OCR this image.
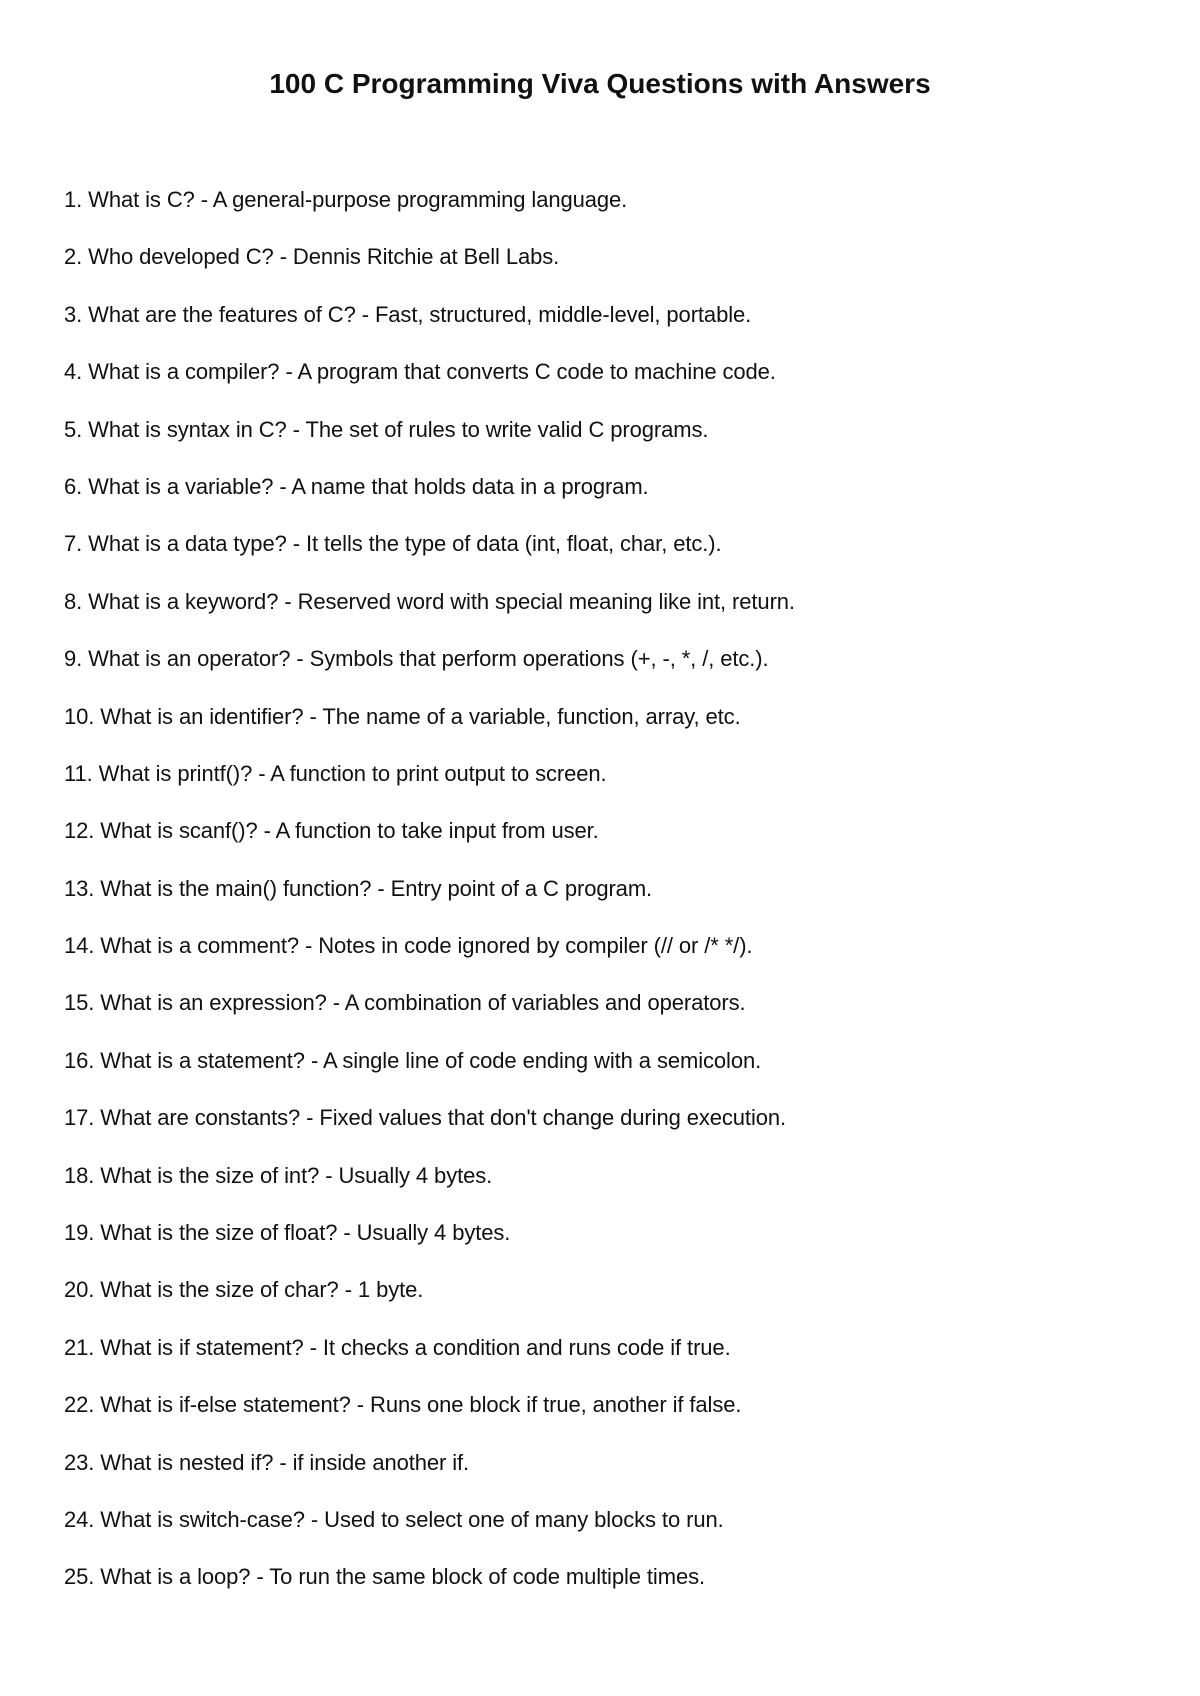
100 C Programming Viva Questions with Answers
1. What is C? - A general-purpose programming language.
2. Who developed C? - Dennis Ritchie at Bell Labs.
3. What are the features of C? - Fast, structured, middle-level, portable.
4. What is a compiler? - A program that converts C code to machine code.
5. What is syntax in C? - The set of rules to write valid C programs.
6. What is a variable? - A name that holds data in a program.
7. What is a data type? - It tells the type of data (int, float, char, etc.).
8. What is a keyword? - Reserved word with special meaning like int, return.
9. What is an operator? - Symbols that perform operations (+, -, *, /, etc.).
10. What is an identifier? - The name of a variable, function, array, etc.
11. What is printf()? - A function to print output to screen.
12. What is scanf()? - A function to take input from user.
13. What is the main() function? - Entry point of a C program.
14. What is a comment? - Notes in code ignored by compiler (// or /* */).
15. What is an expression? - A combination of variables and operators.
16. What is a statement? - A single line of code ending with a semicolon.
17. What are constants? - Fixed values that don't change during execution.
18. What is the size of int? - Usually 4 bytes.
19. What is the size of float? - Usually 4 bytes.
20. What is the size of char? - 1 byte.
21. What is if statement? - It checks a condition and runs code if true.
22. What is if-else statement? - Runs one block if true, another if false.
23. What is nested if? - if inside another if.
24. What is switch-case? - Used to select one of many blocks to run.
25. What is a loop? - To run the same block of code multiple times.
